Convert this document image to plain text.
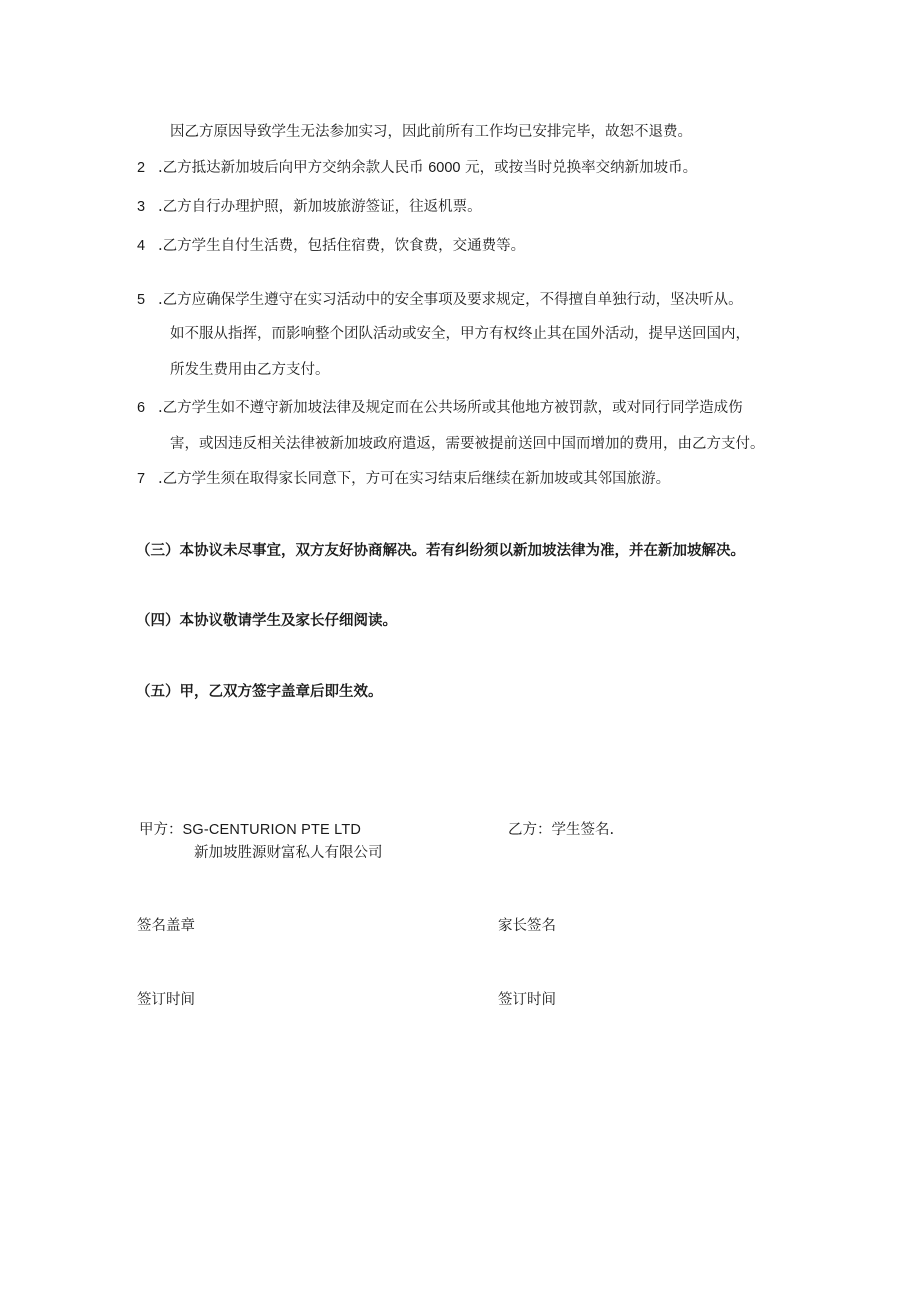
因乙方原因导致学生无法参加实习，因此前所有工作均已安排完毕，故恕不退费。
2 .乙方抵达新加坡后向甲方交纳余款人民币 6000 元，或按当时兑换率交纳新加坡币。
3 .乙方自行办理护照，新加坡旅游签证，往返机票。
4 .乙方学生自付生活费，包括住宿费，饮食费，交通费等。
5 .乙方应确保学生遵守在实习活动中的安全事项及要求规定，不得擅自单独行动，坚决听从。
如不服从指挥，而影响整个团队活动或安全，甲方有权终止其在国外活动，提早送回国内，
所发生费用由乙方支付。
6 .乙方学生如不遵守新加坡法律及规定而在公共场所或其他地方被罚款，或对同行同学造成伤
害，或因违反相关法律被新加坡政府遣返，需要被提前送回中国而增加的费用，由乙方支付。
7 .乙方学生须在取得家长同意下，方可在实习结束后继续在新加坡或其邻国旅游。
（三）本协议未尽事宜，双方友好协商解决。若有纠纷须以新加坡法律为准，并在新加坡解决。
（四）本协议敬请学生及家长仔细阅读。
（五）甲，乙双方签字盖章后即生效。
甲方：SG-CENTURION PTE LTD
新加坡胜源财富私人有限公司
乙方：学生签名.
签名盖章	家长签名
签订时间	签订时间
